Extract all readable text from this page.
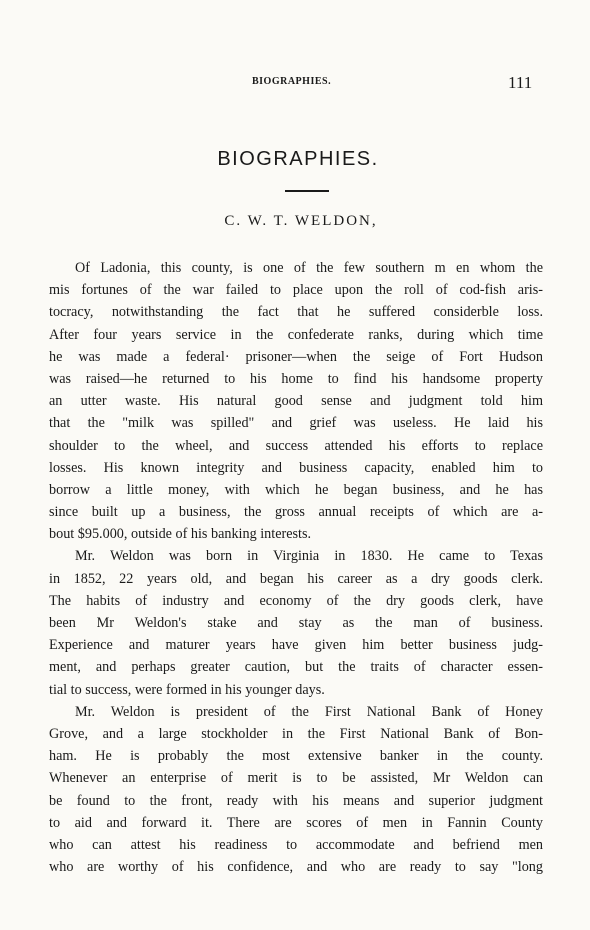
BIOGRAPHIES.	111
BIOGRAPHIES.
C. W. T. WELDON,
Of Ladonia, this county, is one of the few southern m en whom the
mis fortunes of the war failed to place upon the roll of cod-fish aris-
tocracy, notwithstanding the fact that he suffered considerble loss.
After four years service in the confederate ranks, during which time
he was made a federal· prisoner—when the seige of Fort Hudson
was raised—he returned to his home to find his handsome property
an utter waste. His natural good sense and judgment told him
that the "milk was spilled" and grief was useless. He laid his
shoulder to the wheel, and success attended his efforts to replace
losses. His known integrity and business capacity, enabled him to
borrow a little money, with which he began business, and he has
since built up a business, the gross annual receipts of which are a-
bout $95.000, outside of his banking interests.
Mr. Weldon was born in Virginia in 1830. He came to Texas
in 1852, 22 years old, and began his career as a dry goods clerk.
The habits of industry and economy of the dry goods clerk, have
been Mr Weldon's stake and stay as the man of business.
Experience and maturer years have given him better business judg-
ment, and perhaps greater caution, but the traits of character essen-
tial to success, were formed in his younger days.
Mr. Weldon is president of the First National Bank of Honey
Grove, and a large stockholder in the First National Bank of Bon-
ham. He is probably the most extensive banker in the county.
Whenever an enterprise of merit is to be assisted, Mr Weldon can
be found to the front, ready with his means and superior judgment
to aid and forward it. There are scores of men in Fannin County
who can attest his readiness to accommodate and befriend men
who are worthy of his confidence, and who are ready to say "long
